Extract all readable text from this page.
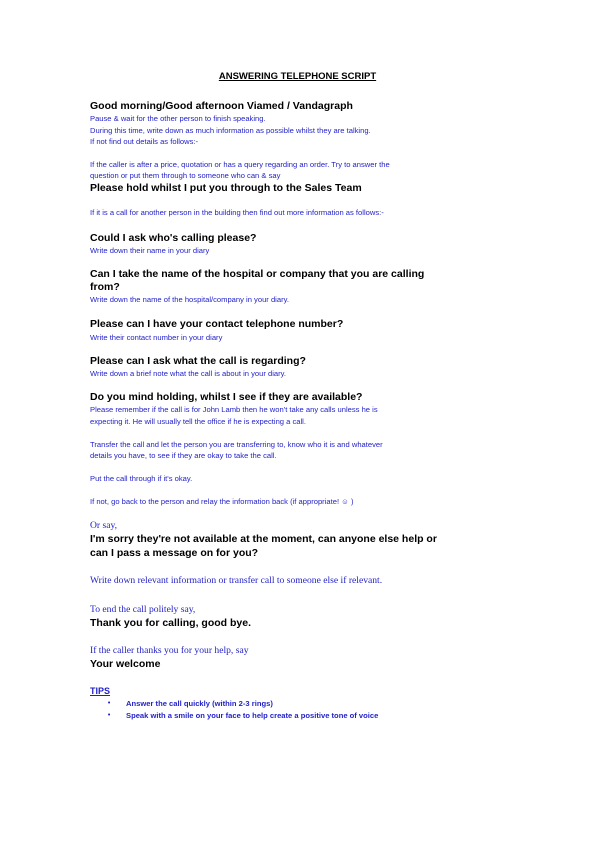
ANSWERING TELEPHONE SCRIPT
Good morning/Good afternoon Viamed / Vandagraph
Pause & wait for the other person to finish speaking.
During this time, write down as much information as possible whilst they are talking.
If not find out details as follows:-
If the caller is after a price, quotation or has a query regarding an order. Try to answer the
question or put them through to someone who can & say
Please hold whilst I put you through to the Sales Team
If it is a call for another person in the building then find out more information as follows:-
Could I ask who's calling please?
Write down their name in your diary
Can I take the name of the hospital or company that you are calling
from?
Write down the name of the hospital/company in your diary.
Please can I have your contact telephone number?
Write their contact number in your diary
Please can I ask what the call is regarding?
Write down a brief note what the call is about in your diary.
Do you mind holding, whilst I see if they are available?
Please remember if the call is for John Lamb then he won't take any calls unless he is
expecting it. He will usually tell the office if he is expecting a call.
Transfer the call and let the person you are transferring to, know who it is and whatever
details you have, to see if they are okay to take the call.
Put the call through if it's okay.
If not, go back to the person and relay the information back (if appropriate! ☺ )
Or say,
I'm sorry they're not available at the moment, can anyone else help or
can I pass a message on for you?
Write down relevant information or transfer call to someone else if relevant.
To end the call politely say,
Thank you for calling, good bye.
If the caller thanks you for your help, say
Your welcome
TIPS
• Answer the call quickly (within 2-3 rings)
• Speak with a smile on your face to help create a positive tone of voice
